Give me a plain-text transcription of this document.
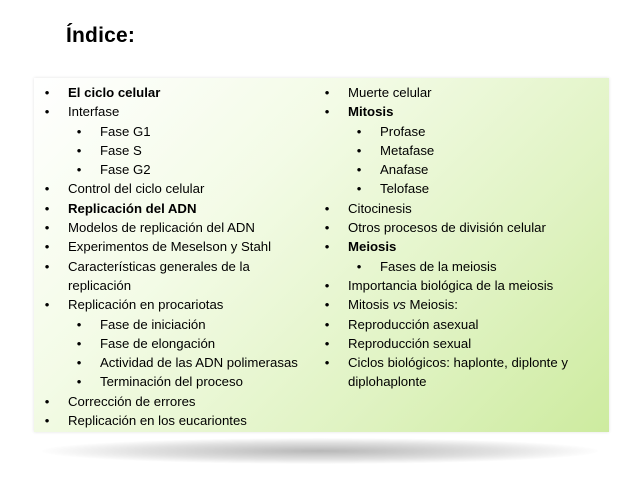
Índice:
• El ciclo celular
• Interfase
• Fase G1
• Fase S
• Fase G2
• Control del ciclo celular
• Replicación del ADN
• Modelos de replicación del ADN
• Experimentos de Meselson y Stahl
• Características generales de la
replicación
• Replicación en procariotas
• Fase de iniciación
• Fase de elongación
• Actividad de las ADN polimerasas
• Terminación del proceso
• Corrección de errores
• Replicación en los eucariontes
• Muerte celular
• Mitosis
• Profase
• Metafase
• Anafase
• Telofase
• Citocinesis
• Otros procesos de división celular
• Meiosis
• Fases de la meiosis
• Importancia biológica de la meiosis
• Mitosis vs Meiosis:
• Reproducción asexual
• Reproducción sexual
• Ciclos biológicos: haplonte, diplonte y
diplohaplonte
